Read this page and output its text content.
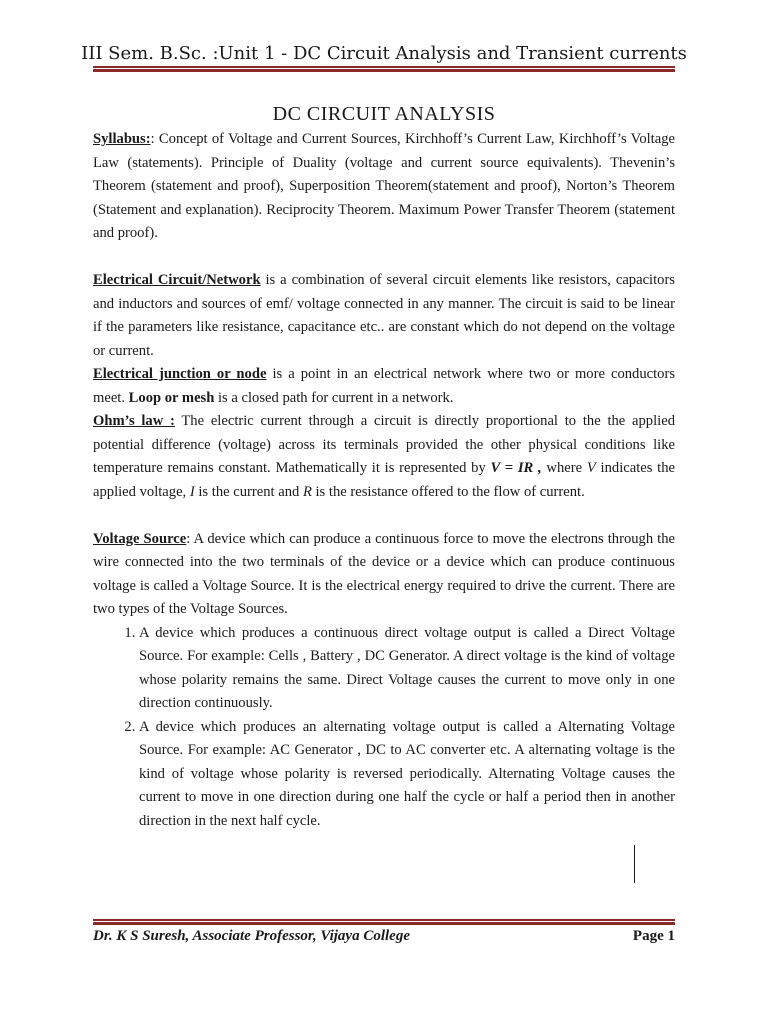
III Sem. B.Sc. :Unit 1 - DC Circuit Analysis and Transient currents
DC CIRCUIT ANALYSIS

Syllabus:: Concept of Voltage and Current Sources, Kirchhoff’s Current Law, Kirchhoff’s Voltage Law (statements). Principle of Duality (voltage and current source equivalents). Thevenin’s Theorem (statement and proof), Superposition Theorem(statement and proof), Norton’s Theorem (Statement and explanation). Reciprocity Theorem. Maximum Power Transfer Theorem (statement and proof).

Electrical Circuit/Network is a combination of several circuit elements like resistors, capacitors and inductors and sources of emf/ voltage connected in any manner. The circuit is said to be linear if the parameters like resistance, capacitance etc.. are constant which do not depend on the voltage or current.

Electrical junction or node is a point in an electrical network where two or more conductors meet. Loop or mesh is a closed path for current in a network.

Ohm’s law : The electric current through a circuit is directly proportional to the the applied potential difference (voltage) across its terminals provided the other physical conditions like temperature remains constant. Mathematically it is represented by V = IR , where V indicates the applied voltage, I is the current and R is the resistance offered to the flow of current.

Voltage Source: A device which can produce a continuous force to move the electrons through the wire connected into the two terminals of the device or a device which can produce continuous voltage is called a Voltage Source. It is the electrical energy required to drive the current. There are two types of the Voltage Sources.

1. A device which produces a continuous direct voltage output is called a Direct Voltage Source. For example: Cells , Battery , DC Generator. A direct voltage is the kind of voltage whose polarity remains the same. Direct Voltage causes the current to move only in one direction continuously.
2. A device which produces an alternating voltage output is called a Alternating Voltage Source. For example: AC Generator , DC to AC converter etc. A alternating voltage is the kind of voltage whose polarity is reversed periodically. Alternating Voltage causes the current to move in one direction during one half the cycle or half a period then in another direction in the next half cycle.
Dr. K S Suresh, Associate Professor, Vijaya College	Page 1
